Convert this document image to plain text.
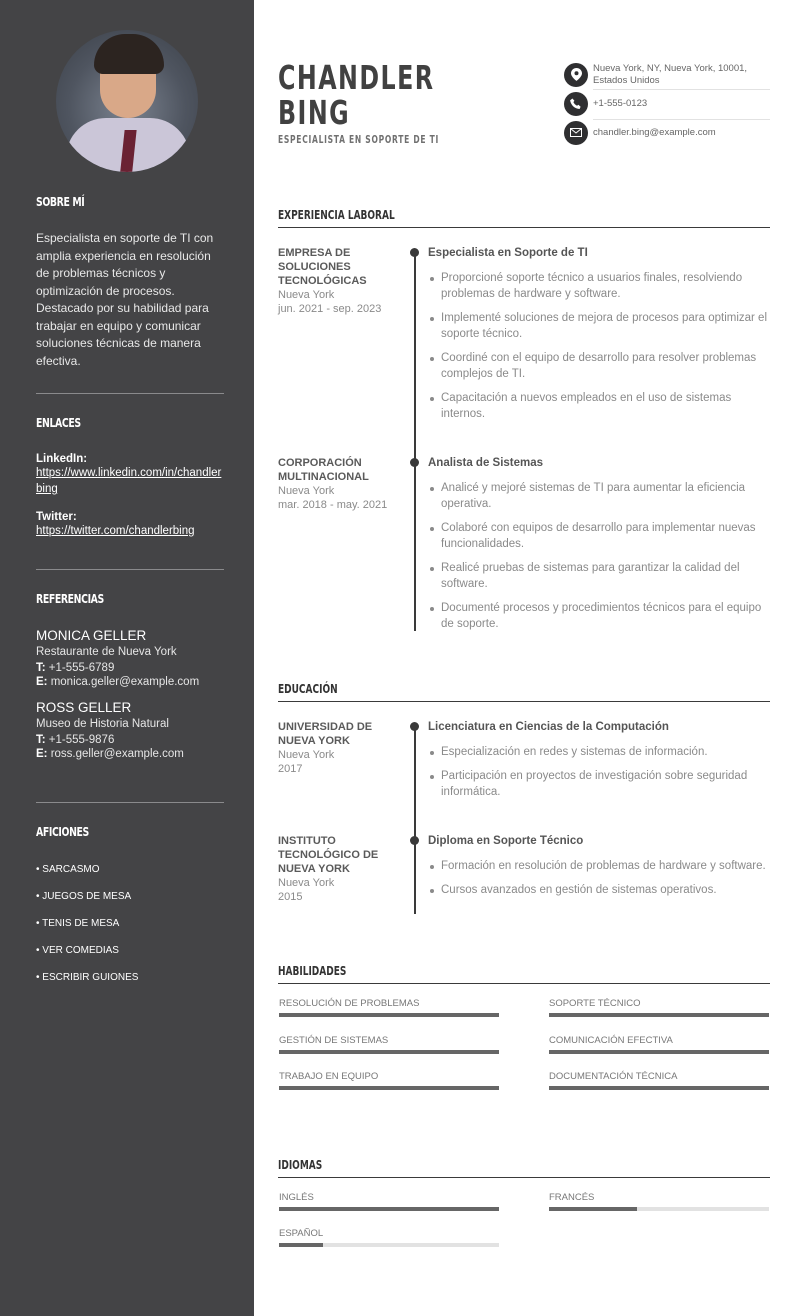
SOBRE MÍ

Especialista en soporte de TI con amplia experiencia en resolución de problemas técnicos y optimización de procesos. Destacado por su habilidad para trabajar en equipo y comunicar soluciones técnicas de manera efectiva.

ENLACES
LinkedIn:
https://www.linkedin.com/in/chandlerbing
Twitter:
https://twitter.com/chandlerbing
REFERENCIAS
MONICA GELLER
Restaurante de Nueva York
T: +1-555-6789
E: monica.geller@example.com
ROSS GELLER
Museo de Historia Natural
T: +1-555-9876
E: ross.geller@example.com
AFICIONES
• SARCASMO
• JUEGOS DE MESA
• TENIS DE MESA
• VER COMEDIAS
• ESCRIBIR GUIONES
CHANDLER
BING
ESPECIALISTA EN SOPORTE DE TI
Nueva York, NY, Nueva York, 10001, Estados Unidos
+1-555-0123
chandler.bing@example.com
EXPERIENCIA LABORAL
EMPRESA DE SOLUCIONES TECNOLÓGICAS
Nueva York
jun. 2021 - sep. 2023
Especialista en Soporte de TI
Proporcioné soporte técnico a usuarios finales, resolviendo problemas de hardware y software.
Implementé soluciones de mejora de procesos para optimizar el soporte técnico.
Coordiné con el equipo de desarrollo para resolver problemas complejos de TI.
Capacitación a nuevos empleados en el uso de sistemas internos.
CORPORACIÓN MULTINACIONAL
Nueva York
mar. 2018 - may. 2021
Analista de Sistemas
Analicé y mejoré sistemas de TI para aumentar la eficiencia operativa.
Colaboré con equipos de desarrollo para implementar nuevas funcionalidades.
Realicé pruebas de sistemas para garantizar la calidad del software.
Documenté procesos y procedimientos técnicos para el equipo de soporte.
EDUCACIÓN
UNIVERSIDAD DE NUEVA YORK
Nueva York
2017
Licenciatura en Ciencias de la Computación
Especialización en redes y sistemas de información.
Participación en proyectos de investigación sobre seguridad informática.
INSTITUTO TECNOLÓGICO DE NUEVA YORK
Nueva York
2015
Diploma en Soporte Técnico
Formación en resolución de problemas de hardware y software.
Cursos avanzados en gestión de sistemas operativos.
HABILIDADES
RESOLUCIÓN DE PROBLEMAS	SOPORTE TÉCNICO
GESTIÓN DE SISTEMAS	COMUNICACIÓN EFECTIVA
TRABAJO EN EQUIPO	DOCUMENTACIÓN TÉCNICA
IDIOMAS
INGLÉS	FRANCÉS
ESPAÑOL
